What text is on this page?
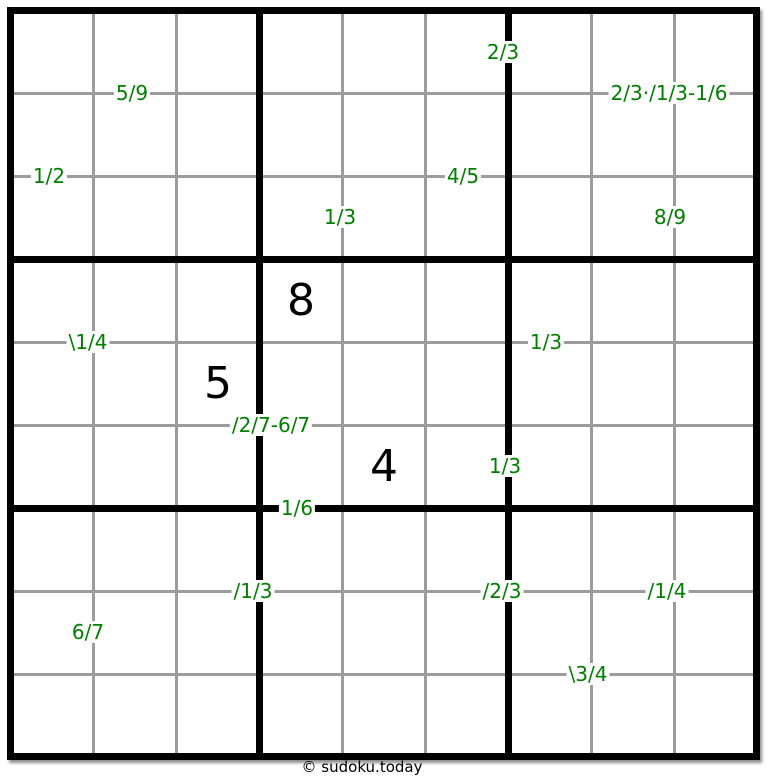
8
5
4
5/9
1/2
2/3
4/5
1/3
2/3·/1/3-1/6
8/9
\1/4
/2/7-6/7
1/3
1/6
1/3
/1/3	/2/3	/1/4
6/7
\3/4
© sudoku.today
